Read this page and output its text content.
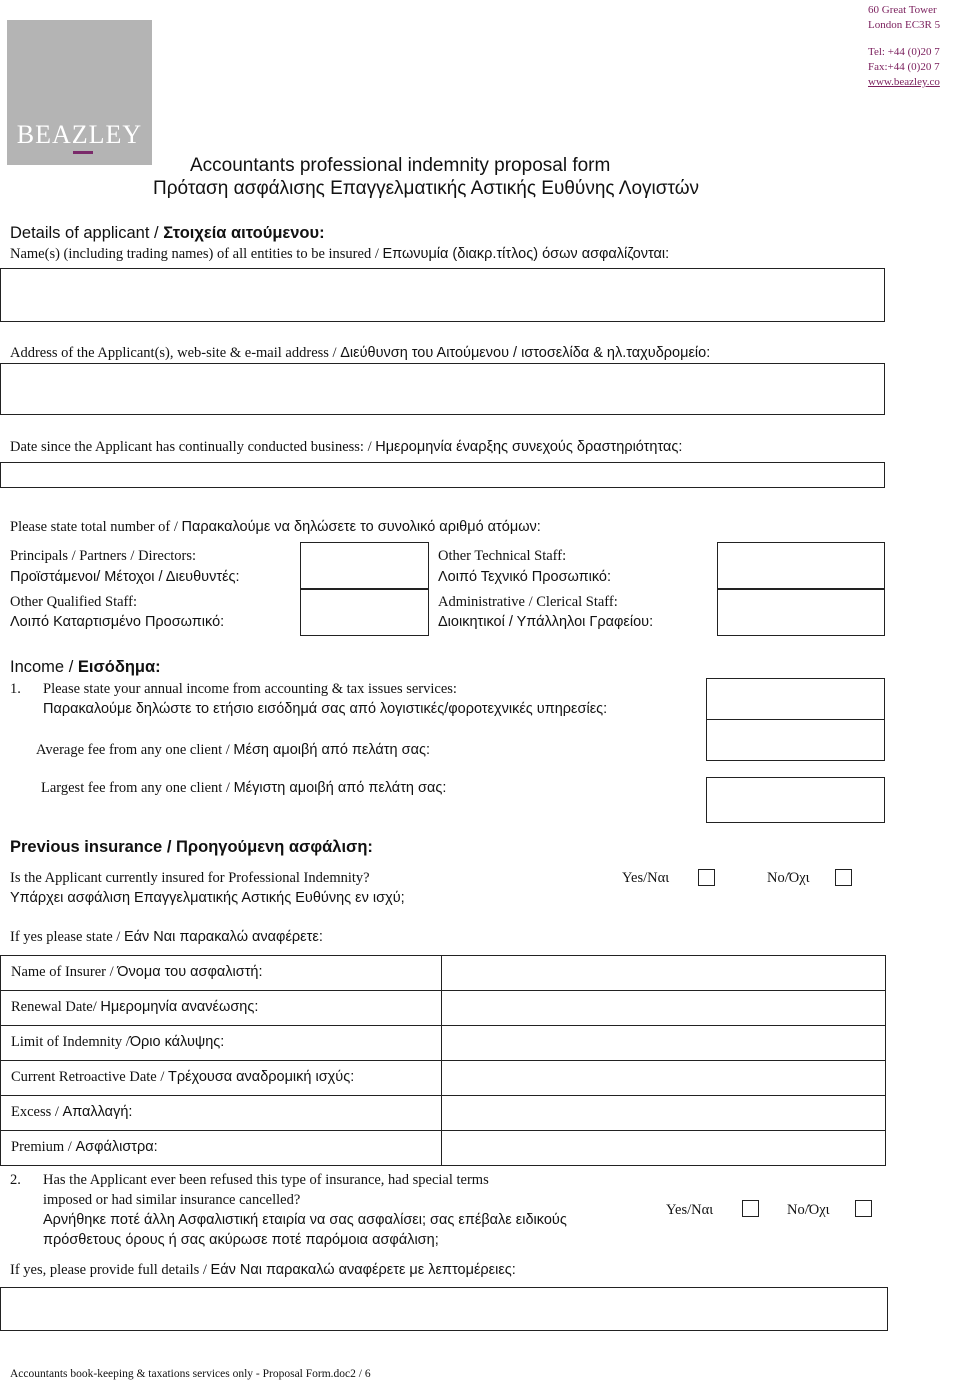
BEAZLEY
60 Great Tower
London EC3R 5
Tel: +44 (0)20 7
Fax:+44 (0)20 7
www.beazley.co
Accountants professional indemnity proposal form
Πρόταση ασφάλισης Επαγγελματικής Αστικής Ευθύνης Λογιστών
Details of applicant / Στοιχεία αιτούμενου:
Name(s) (including trading names) of all entities to be insured / Επωνυμία (διακρ.τίτλος) όσων ασφαλίζονται:
Address of the Applicant(s), web-site & e-mail address / Διεύθυνση του Αιτούμενου / ιστοσελίδα & ηλ.ταχυδρομείο:
Date since the Applicant has continually conducted business: / Ημερομηνία έναρξης συνεχούς δραστηριότητας:
Please state total number of / Παρακαλούμε να δηλώσετε το συνολικό αριθμό ατόμων:
Principals / Partners / Directors:
Προϊστάμενοι/ Μέτοχοι / Διευθυντές:
Other Qualified Staff:
Λοιπό Καταρτισμένο Προσωπικό:
Other Technical Staff:
Λοιπό Τεχνικό Προσωπικό:
Administrative / Clerical Staff:
Διοικητικοί / Υπάλληλοι Γραφείου:
Income / Εισόδημα:
1. Please state your annual income from accounting & tax issues services:
Παρακαλούμε δηλώστε το ετήσιο εισόδημά σας από λογιστικές/φοροτεχνικές υπηρεσίες:
Average fee from any one client / Μέση αμοιβή από πελάτη σας:
Largest fee from any one client / Μέγιστη αμοιβή από πελάτη σας:
Previous insurance / Προηγούμενη ασφάλιση:
Is the Applicant currently insured for Professional Indemnity?
Υπάρχει ασφάλιση Επαγγελματικής Αστικής Ευθύνης εν ισχύ;
Yes/Ναι	No/Όχι
If yes please state / Εάν Ναι παρακαλώ αναφέρετε:
Name of Insurer / Όνομα του ασφαλιστή:
Renewal Date/ Ημερομηνία ανανέωσης:
Limit of Indemnity /Όριο κάλυψης:
Current Retroactive Date / Τρέχουσα αναδρομική ισχύς:
Excess / Απαλλαγή:
Premium / Ασφάλιστρα:
2. Has the Applicant ever been refused this type of insurance, had special terms
imposed or had similar insurance cancelled?
Αρνήθηκε ποτέ άλλη Ασφαλιστική εταιρία να σας ασφαλίσει; σας επέβαλε ειδικούς
πρόσθετους όρους ή σας ακύρωσε ποτέ παρόμοια ασφάλιση;
Yes/Ναι	No/Όχι
If yes, please provide full details / Εάν Ναι παρακαλώ αναφέρετε με λεπτομέρειες:
Accountants book-keeping & taxations services only - Proposal Form.doc2 / 6
